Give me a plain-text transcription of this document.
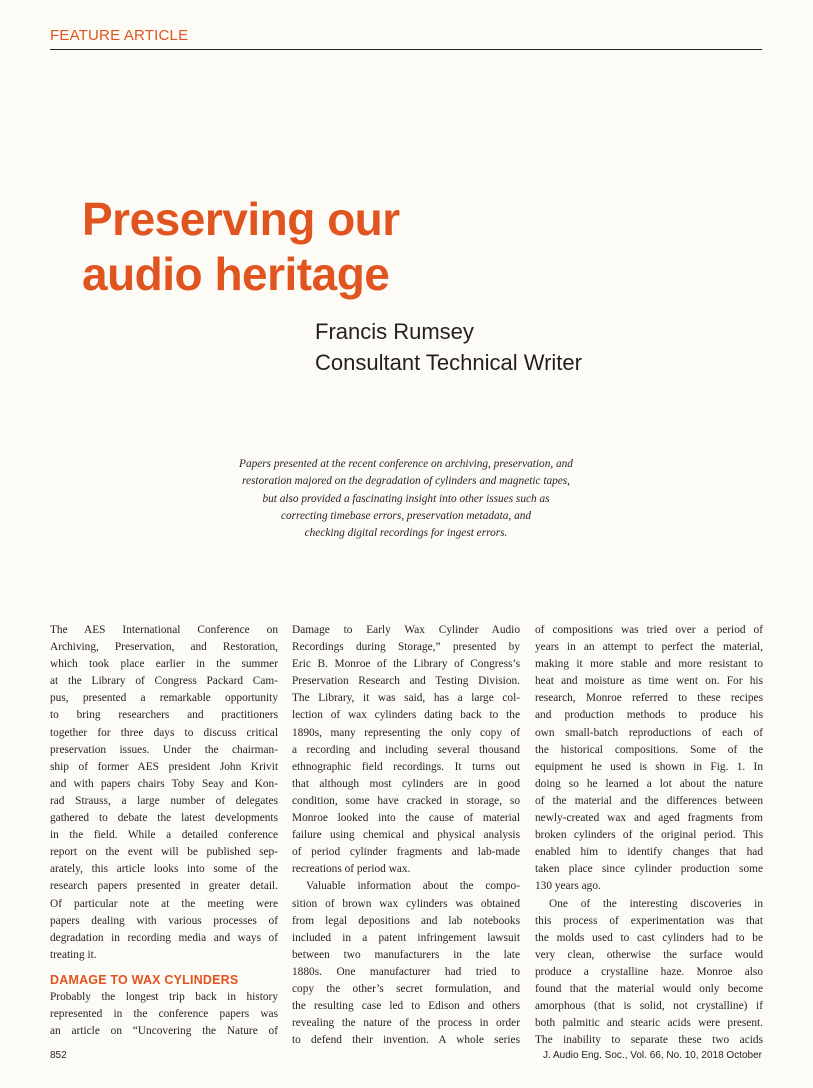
FEATURE ARTICLE
Preserving our
audio heritage
Francis Rumsey
Consultant Technical Writer
Papers presented at the recent conference on archiving, preservation, and
restoration majored on the degradation of cylinders and magnetic tapes,
but also provided a fascinating insight into other issues such as
correcting timebase errors, preservation metadata, and
checking digital recordings for ingest errors.
The AES International Conference on
Archiving, Preservation, and Restoration,
which took place earlier in the summer
at the Library of Congress Packard Cam-
pus, presented a remarkable opportunity
to bring researchers and practitioners
together for three days to discuss critical
preservation issues. Under the chairman-
ship of former AES president John Krivit
and with papers chairs Toby Seay and Kon-
rad Strauss, a large number of delegates
gathered to debate the latest developments
in the field. While a detailed conference
report on the event will be published sep-
arately, this article looks into some of the
research papers presented in greater detail.
Of particular note at the meeting were
papers dealing with various processes of
degradation in recording media and ways of
treating it.
DAMAGE TO WAX CYLINDERS
Probably the longest trip back in history
represented in the conference papers was
an article on “Uncovering the Nature of
Damage to Early Wax Cylinder Audio
Recordings during Storage,” presented by
Eric B. Monroe of the Library of Congress’s
Preservation Research and Testing Division.
The Library, it was said, has a large col-
lection of wax cylinders dating back to the
1890s, many representing the only copy of
a recording and including several thousand
ethnographic field recordings. It turns out
that although most cylinders are in good
condition, some have cracked in storage, so
Monroe looked into the cause of material
failure using chemical and physical analysis
of period cylinder fragments and lab-made
recreations of period wax.
Valuable information about the compo-
sition of brown wax cylinders was obtained
from legal depositions and lab notebooks
included in a patent infringement lawsuit
between two manufacturers in the late
1880s. One manufacturer had tried to
copy the other’s secret formulation, and
the resulting case led to Edison and others
revealing the nature of the process in order
to defend their invention. A whole series
of compositions was tried over a period of
years in an attempt to perfect the material,
making it more stable and more resistant to
heat and moisture as time went on. For his
research, Monroe referred to these recipes
and production methods to produce his
own small-batch reproductions of each of
the historical compositions. Some of the
equipment he used is shown in Fig. 1. In
doing so he learned a lot about the nature
of the material and the differences between
newly-created wax and aged fragments from
broken cylinders of the original period. This
enabled him to identify changes that had
taken place since cylinder production some
130 years ago.
One of the interesting discoveries in
this process of experimentation was that
the molds used to cast cylinders had to be
very clean, otherwise the surface would
produce a crystalline haze. Monroe also
found that the material would only become
amorphous (that is solid, not crystalline) if
both palmitic and stearic acids were present.
The inability to separate these two acids
852	J. Audio Eng. Soc., Vol. 66, No. 10, 2018 October
